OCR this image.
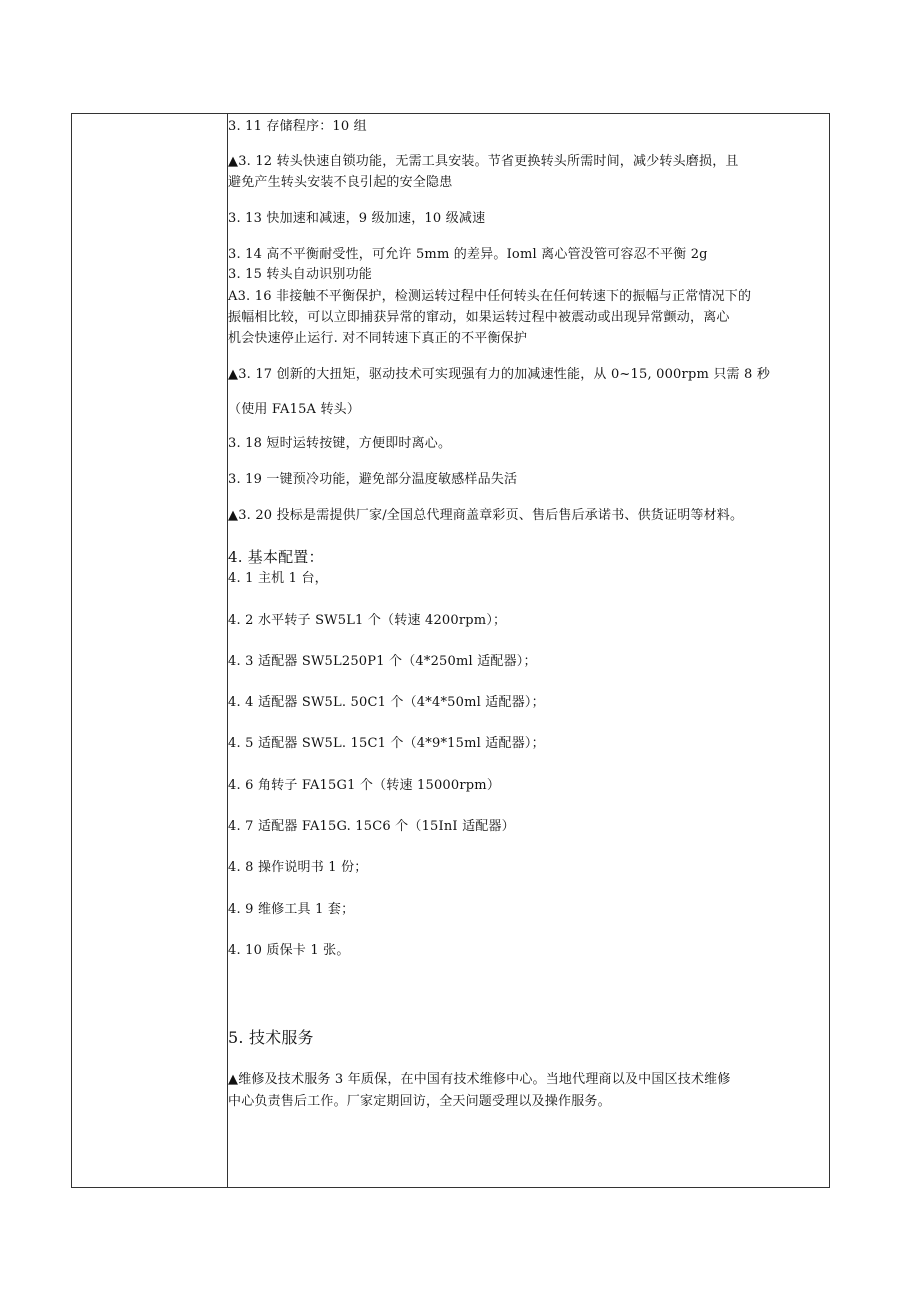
3. 11 存储程序：10 组
▲3. 12 转头快速自锁功能，无需工具安装。节省更换转头所需时间，减少转头磨损，且
避免产生转头安装不良引起的安全隐患
3. 13 快加速和减速，9 级加速，10 级减速
3. 14 高不平衡耐受性，可允许 5mm 的差异。Ioml 离心管没管可容忍不平衡 2g
3. 15 转头自动识别功能
A3. 16 非接触不平衡保护，检测运转过程中任何转头在任何转速下的振幅与正常情况下的
振幅相比较，可以立即捕获异常的窜动，如果运转过程中被震动或出现异常颤动，离心
机会快速停止运行. 对不同转速下真正的不平衡保护
▲3. 17 创新的大扭矩，驱动技术可实现强有力的加减速性能，从 0~15, 000rpm 只需 8 秒
（使用 FA15A 转头）
3. 18 短时运转按键，方便即时离心。
3. 19 一键预冷功能，避免部分温度敏感样品失活
▲3. 20 投标是需提供厂家/全国总代理商盖章彩页、售后售后承诺书、供货证明等材料。
4. 基本配置：
4. 1 主机 1 台，
4. 2 水平转子 SW5L1 个（转速 4200rpm）；
4. 3 适配器 SW5L250P1 个（4*250ml 适配器）；
4. 4 适配器 SW5L. 50C1 个（4*4*50ml 适配器）；
4. 5 适配器 SW5L. 15C1 个（4*9*15ml 适配器）；
4. 6 角转子 FA15G1 个（转速 15000rpm）
4. 7 适配器 FA15G. 15C6 个（15InI 适配器）
4. 8 操作说明书 1 份；
4. 9 维修工具 1 套；
4. 10 质保卡 1 张。
5. 技术服务
▲维修及技术服务 3 年质保，在中国有技术维修中心。当地代理商以及中国区技术维修
中心负责售后工作。厂家定期回访，全天问题受理以及操作服务。
